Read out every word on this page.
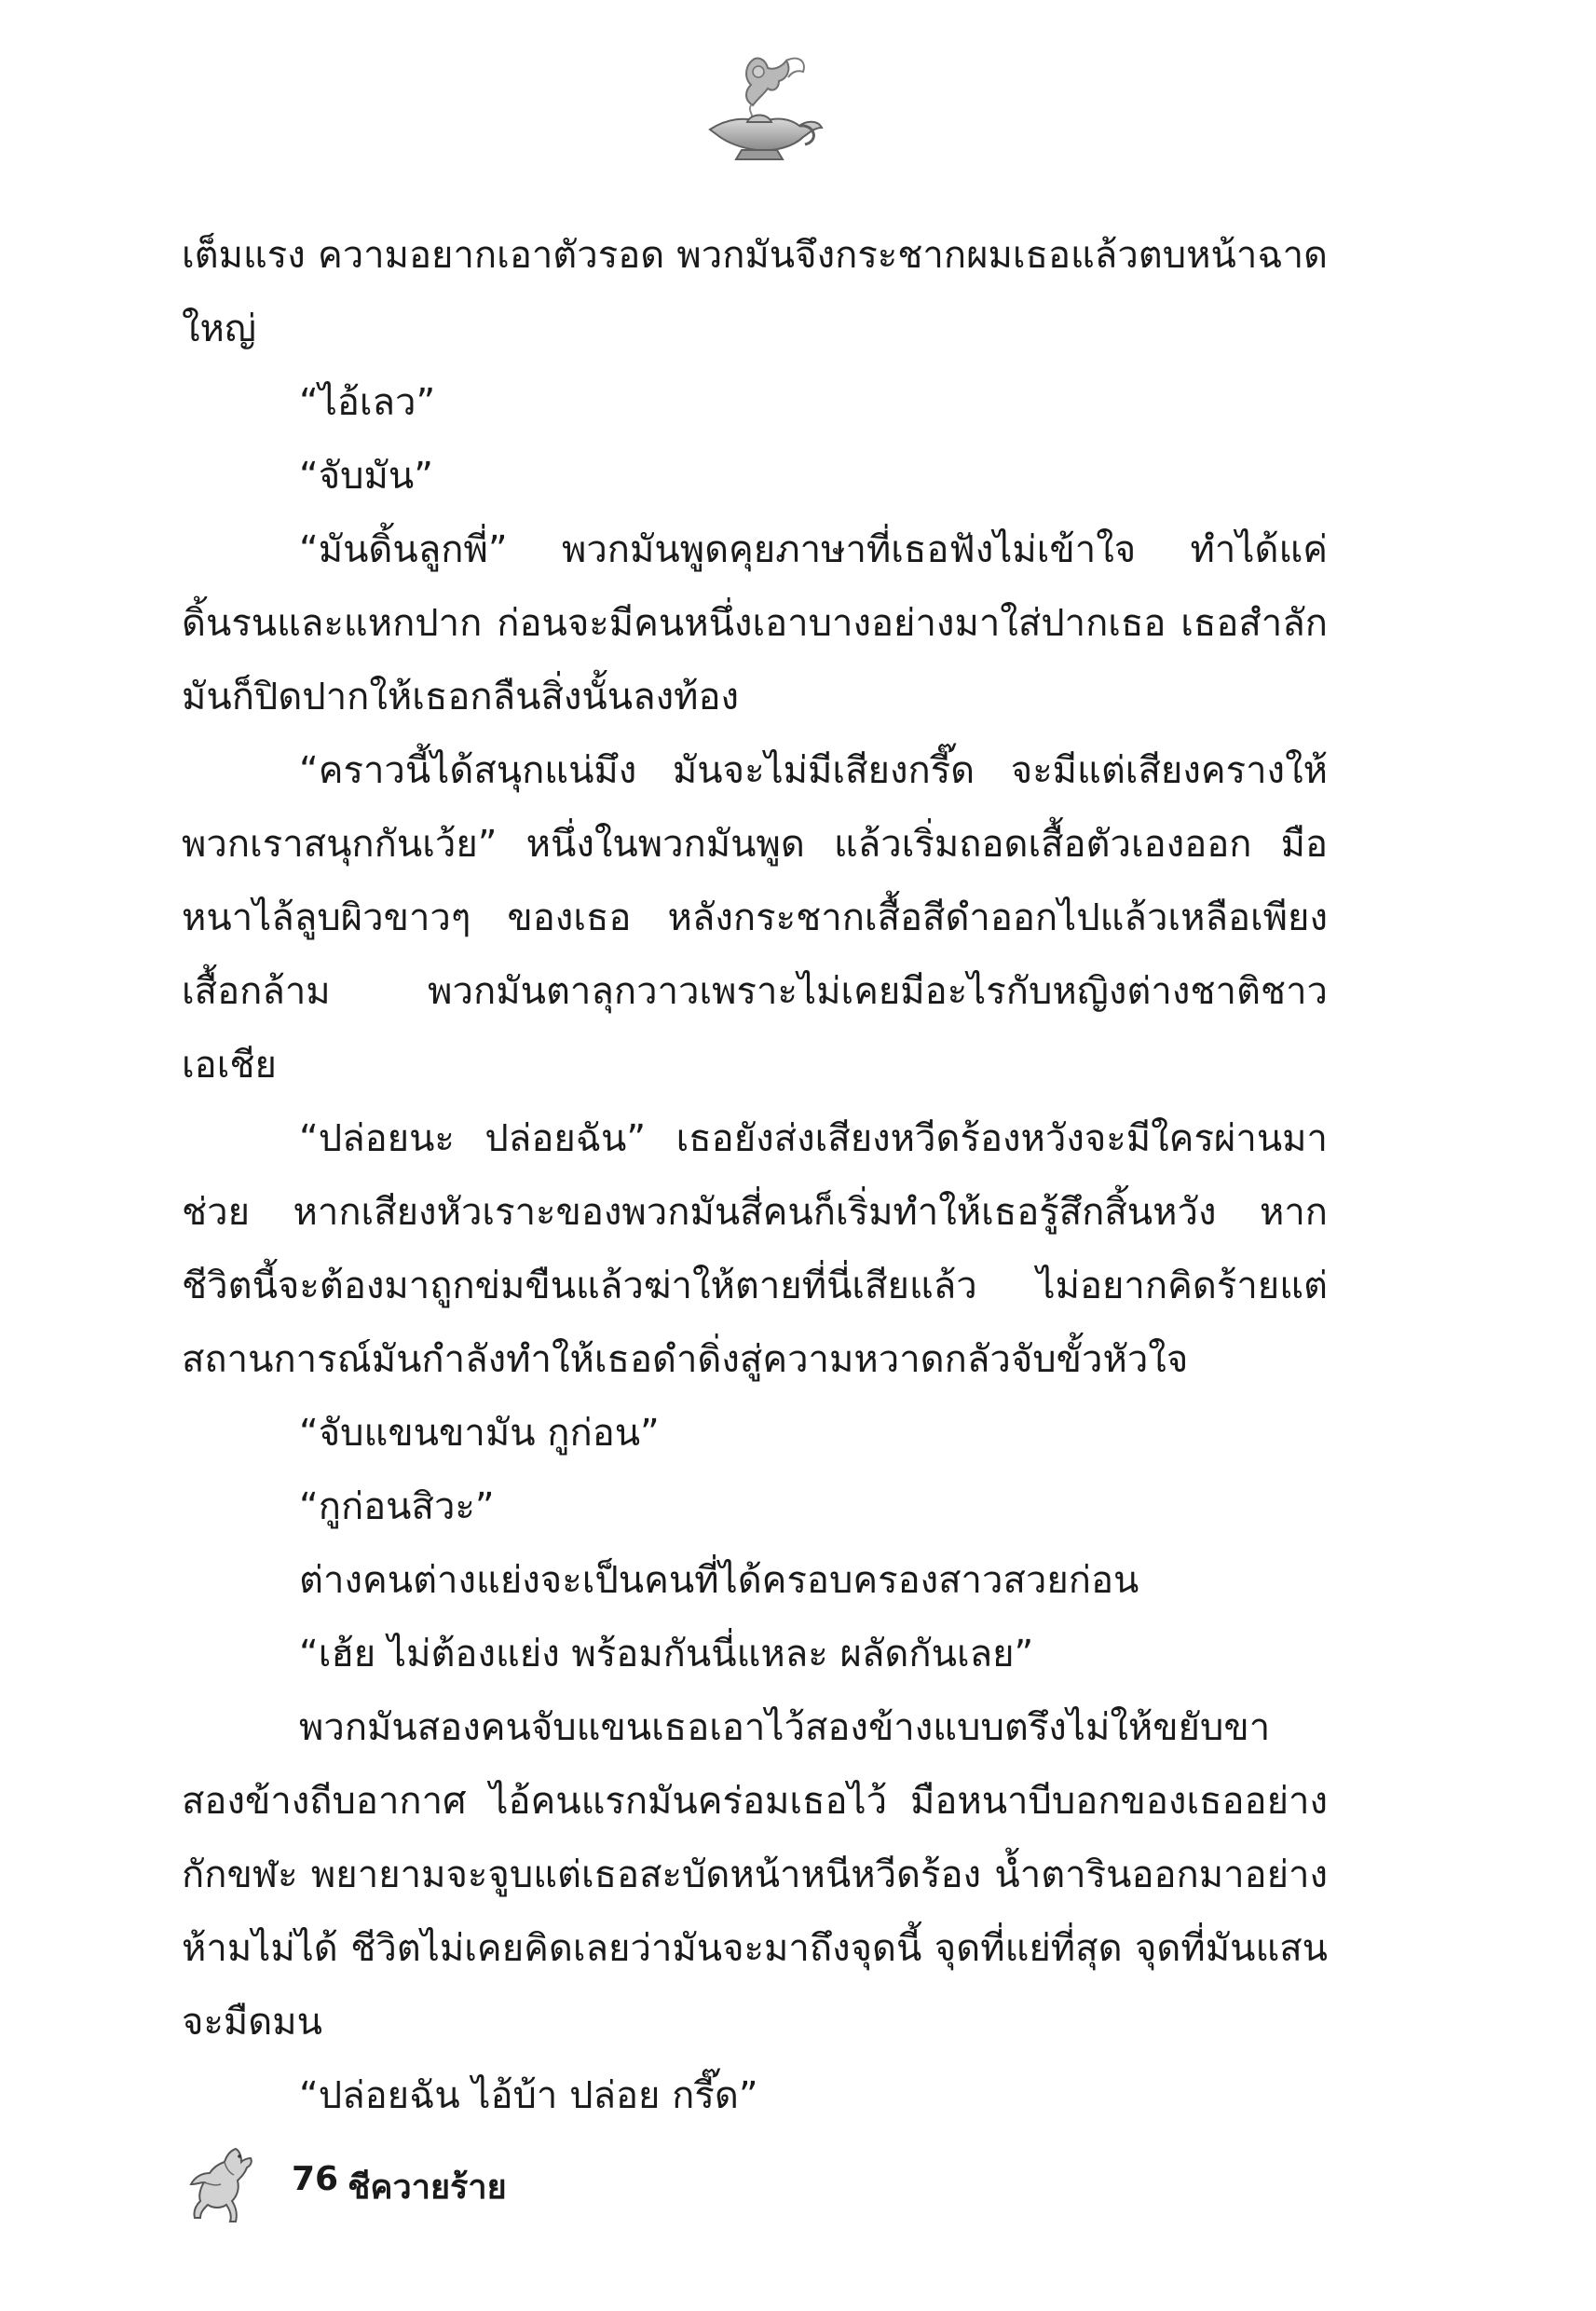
เต็มแรง ความอยากเอาตัวรอด พวกมันจึงกระชากผมเธอแล้วตบหน้าฉาดใหญ่

“ไอ้เลว”

“จับมัน”

“มันดิ้นลูกพี่” พวกมันพูดคุยภาษาที่เธอฟังไม่เข้าใจ ทำได้แค่ดิ้นรนและแหกปาก ก่อนจะมีคนหนึ่งเอาบางอย่างมาใส่ปากเธอ เธอสำลักมันก็ปิดปากให้เธอกลืนสิ่งนั้นลงท้อง

“คราวนี้ได้สนุกแน่มึง มันจะไม่มีเสียงกรี๊ด จะมีแต่เสียงครางให้พวกเราสนุกกันเว้ย” หนึ่งในพวกมันพูด แล้วเริ่มถอดเสื้อตัวเองออก มือหนาไล้ลูบผิวขาวๆ ของเธอ หลังกระชากเสื้อสีดำออกไปแล้วเหลือเพียงเสื้อกล้าม พวกมันตาลุกวาวเพราะไม่เคยมีอะไรกับหญิงต่างชาติชาวเอเชีย

“ปล่อยนะ ปล่อยฉัน” เธอยังส่งเสียงหวีดร้องหวังจะมีใครผ่านมาช่วย หากเสียงหัวเราะของพวกมันสี่คนก็เริ่มทำให้เธอรู้สึกสิ้นหวัง หากชีวิตนี้จะต้องมาถูกข่มขืนแล้วฆ่าให้ตายที่นี่เสียแล้ว ไม่อยากคิดร้ายแต่สถานการณ์มันกำลังทำให้เธอดำดิ่งสู่ความหวาดกลัวจับขั้วหัวใจ

“จับแขนขามัน กูก่อน”

“กูก่อนสิวะ”

ต่างคนต่างแย่งจะเป็นคนที่ได้ครอบครองสาวสวยก่อน

“เฮ้ย ไม่ต้องแย่ง พร้อมกันนี่แหละ ผลัดกันเลย”

พวกมันสองคนจับแขนเธอเอาไว้สองข้างแบบตรึงไม่ให้ขยับขาสองข้างถีบอากาศ ไอ้คนแรกมันคร่อมเธอไว้ มือหนาบีบอกของเธออย่างกักขฬะ พยายามจะจูบแต่เธอสะบัดหน้าหนีหวีดร้อง น้ำตารินออกมาอย่างห้ามไม่ได้ ชีวิตไม่เคยคิดเลยว่ามันจะมาถึงจุดนี้ จุดที่แย่ที่สุด จุดที่มันแสนจะมืดมน

“ปล่อยฉัน ไอ้บ้า ปล่อย กรี๊ด”

76 ชีควายร้าย
